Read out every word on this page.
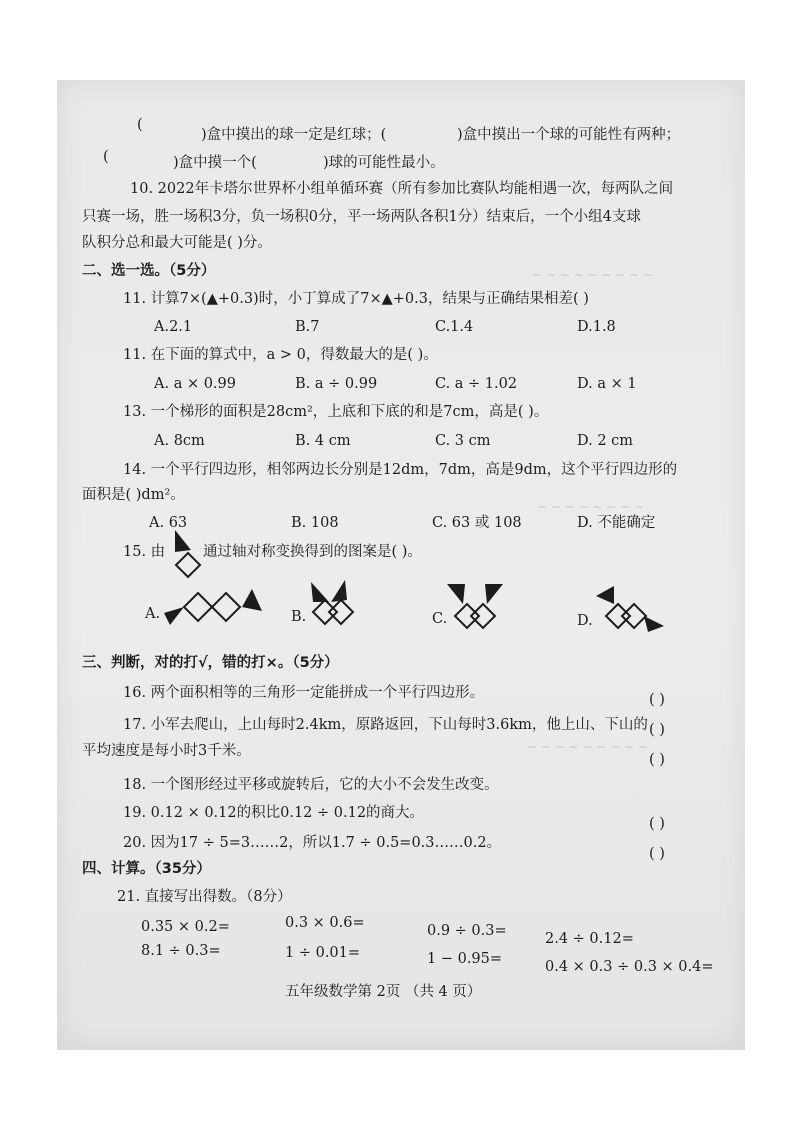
~ ~ ~ ~ ~ ~ ~ ~ ~
~ ~ ~ ~ ~ ~ ~ ~
~ ~ ~ ~ ~ ~ ~ ~ ~
(
)盒中摸出的球一定是红球；(	)盒中摸出一个球的可能性有两种；
(	)盒中摸一个(	)球的可能性最小。
10. 2022年卡塔尔世界杯小组单循环赛（所有参加比赛队均能相遇一次，每两队之间
只赛一场，胜一场积3分，负一场积0分，平一场两队各积1分）结束后，一个小组4支球
队积分总和最大可能是( )分。
二、选一选。（5分）
11. 计算7×(▲+0.3)时，小丁算成了7×▲+0.3，结果与正确结果相差( )
A.2.1	B.7	C.1.4	D.1.8
11. 在下面的算式中，a > 0，得数最大的是( )。
A. a × 0.99	B. a ÷ 0.99	C. a ÷ 1.02	D. a × 1
13. 一个梯形的面积是28cm²，上底和下底的和是7cm，高是( )。
A. 8cm	B. 4 cm	C. 3 cm	D. 2 cm
14. 一个平行四边形，相邻两边长分别是12dm，7dm，高是9dm，这个平行四边形的
面积是( )dm²。
A. 63	B. 108	C. 63 或 108	D. 不能确定
15. 由	通过轴对称变换得到的图案是( )。
A.	B.	C.	D.
三、判断，对的打√，错的打×。（5分）
16. 两个面积相等的三角形一定能拼成一个平行四边形。	( )
17. 小军去爬山，上山每时2.4km，原路返回，下山每时3.6km，他上山、下山的 ( )
平均速度是每小时3千米。
( )
18. 一个图形经过平移或旋转后，它的大小不会发生改变。
19. 0.12 × 0.12的积比0.12 ÷ 0.12的商大。
( )
20. 因为17 ÷ 5=3……2，所以1.7 ÷ 0.5=0.3……0.2。
( )
四、计算。（35分）
21. 直接写出得数。（8分）
0.35 × 0.2=	0.3 × 0.6=	0.9 ÷ 0.3=	2.4 ÷ 0.12=
8.1 ÷ 0.3=	1 ÷ 0.01=	1 − 0.95=	0.4 × 0.3 ÷ 0.3 × 0.4=
五年级数学第 2页 （共 4 页）
